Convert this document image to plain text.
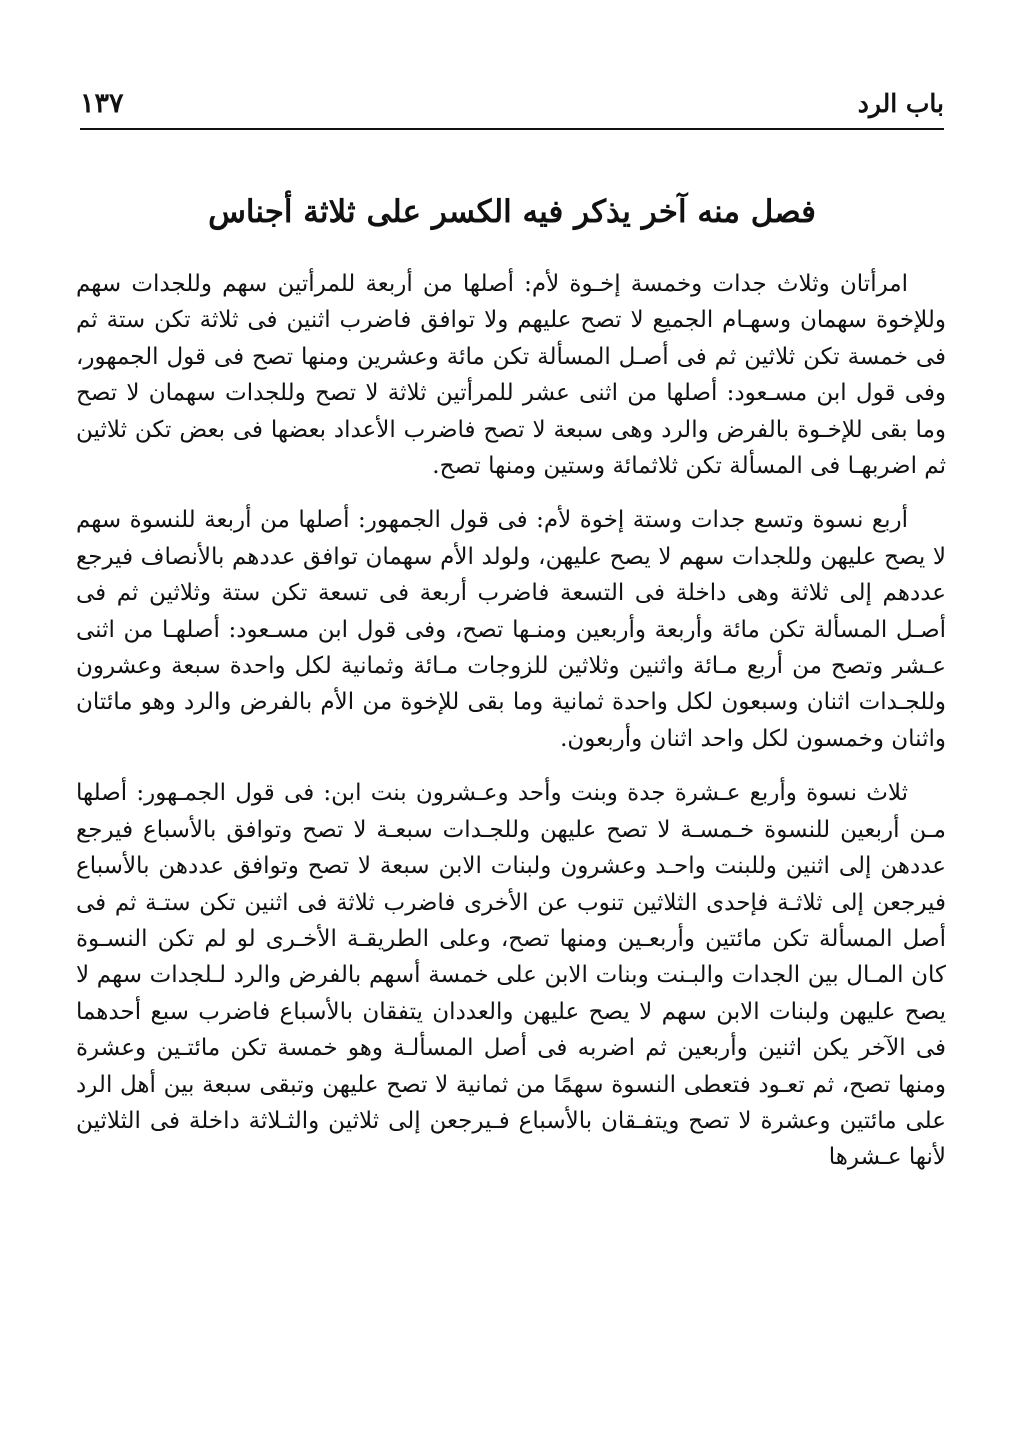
باب الرد
١٣٧
فصل منه آخر يذكر فيه الكسر على ثلاثة أجناس

امرأتان وثلاث جدات وخمسة إخـوة لأم: أصلها من أربعة للمرأتين سهم وللجدات سهم وللإخوة سهمان وسهـام الجميع لا تصح عليهم ولا توافق فاضرب اثنين فى ثلاثة تكن ستة ثم فى خمسة تكن ثلاثين ثم فى أصـل المسألة تكن مائة وعشرين ومنها تصح فى قول الجمهور، وفى قول ابن مسـعود: أصلها من اثنى عشر للمرأتين ثلاثة لا تصح وللجدات سهمان لا تصح وما بقى للإخـوة بالفرض والرد وهى سبعة لا تصح فاضرب الأعداد بعضها فى بعض تكن ثلاثين ثم اضربهـا فى المسألة تكن ثلاثمائة وستين ومنها تصح.

أربع نسوة وتسع جدات وستة إخوة لأم: فى قول الجمهور: أصلها من أربعة للنسوة سهم لا يصح عليهن وللجدات سهم لا يصح عليهن، ولولد الأم سهمان توافق عددهم بالأنصاف فيرجع عددهم إلى ثلاثة وهى داخلة فى التسعة فاضرب أربعة فى تسعة تكن ستة وثلاثين ثم فى أصـل المسألة تكن مائة وأربعة وأربعين ومنـها تصح، وفى قول ابن مسـعود: أصلهـا من اثنى عـشر وتصح من أربع مـائة واثنين وثلاثين للزوجات مـائة وثمانية لكل واحدة سبعة وعشرون وللجـدات اثنان وسبعون لكل واحدة ثمانية وما بقى للإخوة من الأم بالفرض والرد وهو مائتان واثنان وخمسون لكل واحد اثنان وأربعون.

ثلاث نسوة وأربع عـشرة جدة وبنت وأحد وعـشرون بنت ابن: فى قول الجمـهور: أصلها مـن أربعين للنسوة خـمسـة لا تصح عليهن وللجـدات سبعـة لا تصح وتوافق بالأسباع فيرجع عددهن إلى اثنين وللبنت واحـد وعشرون ولبنات الابن سبعة لا تصح وتوافق عددهن بالأسباع فيرجعن إلى ثلاثـة فإحدى الثلاثين تنوب عن الأخرى فاضرب ثلاثة فى اثنين تكن ستـة ثم فى أصل المسألة تكن مائتين وأربعـين ومنها تصح، وعلى الطريقـة الأخـرى لو لم تكن النسـوة كان المـال بين الجدات والبـنت وبنات الابن على خمسة أسهم بالفرض والرد لـلجدات سهم لا يصح عليهن ولبنات الابن سهم لا يصح عليهن والعددان يتفقان بالأسباع فاضرب سبع أحدهما فى الآخر يكن اثنين وأربعين ثم اضربه فى أصل المسألـة وهو خمسة تكن مائتـين وعشرة ومنها تصح، ثم تعـود فتعطى النسوة سهمًا من ثمانية لا تصح عليهن وتبقى سبعة بين أهل الرد على مائتين وعشرة لا تصح ويتفـقان بالأسباع فـيرجعن إلى ثلاثين والثـلاثة داخلة فى الثلاثين لأنها عـشرها
